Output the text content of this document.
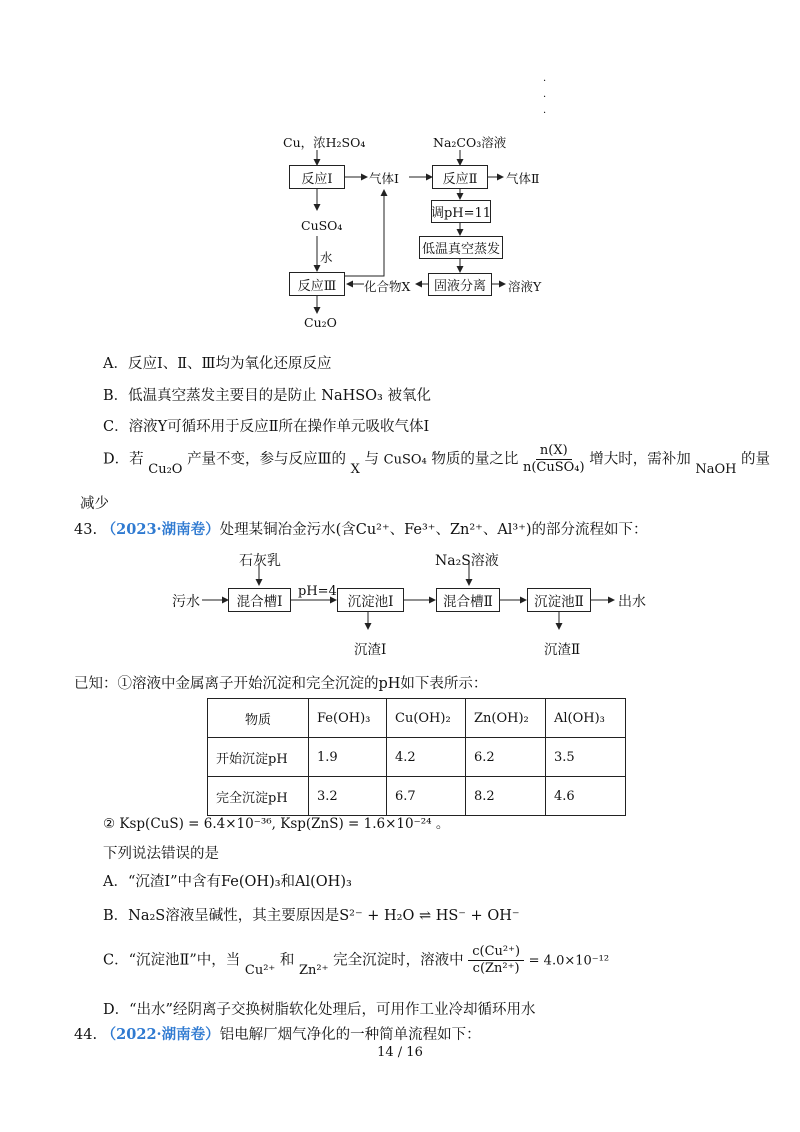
·
·
·
Cu，浓H₂SO₄
反应Ⅰ	气体Ⅰ
CuSO₄
水
反应Ⅲ	化合物X
Cu₂O
Na₂CO₃溶液
反应Ⅱ	气体Ⅱ
调pH=11
低温真空蒸发
固液分离	溶液Y
A．反应Ⅰ、Ⅱ、Ⅲ均为氧化还原反应
B．低温真空蒸发主要目的是防止 NaHSO₃ 被氧化
C．溶液Y可循环用于反应Ⅱ所在操作单元吸收气体Ⅰ
D．若 Cu₂O 产量不变，参与反应Ⅲ的 X 与 CuSO₄ 物质的量之比 $\frac{n(X)}{\text{n(CuSO₄)}}$ 增大时，需补加 NaOH 的量
减少
43. （2023·湖南卷）处理某铜冶金污水(含Cu²⁺、Fe³⁺、Zn²⁺、Al³⁺)的部分流程如下：
石灰乳
污水	混合槽Ⅰ
pH=4
沉淀池Ⅰ
沉渣Ⅰ
Na₂S溶液
混合槽Ⅱ	沉淀池Ⅱ
沉渣Ⅱ
出水
已知：①溶液中金属离子开始沉淀和完全沉淀的pH如下表所示：
物质	Fe(OH)₃	Cu(OH)₂	Zn(OH)₂	Al(OH)₃
开始沉淀pH	1.9	4.2	6.2	3.5
完全沉淀pH	3.2	6.7	8.2	4.6
② Ksp(CuS) = 6.4×10⁻³⁶, Ksp(ZnS) = 1.6×10⁻²⁴ 。
下列说法错误的是
A．“沉渣Ⅰ”中含有Fe(OH)₃和Al(OH)₃
B．Na₂S溶液呈碱性，其主要原因是S²⁻ + H₂O ⇌ HS⁻ + OH⁻
C．“沉淀池Ⅱ”中，当 Cu²⁺ 和 Zn²⁺ 完全沉淀时，溶液中 $\frac{\text{c(Cu²⁺)}}{\text{c(Zn²⁺)}} = 4.0\times 10^{-12}$
D．“出水”经阴离子交换树脂软化处理后，可用作工业冷却循环用水
44. （2022·湖南卷）铝电解厂烟气净化的一种简单流程如下：
14 / 16
